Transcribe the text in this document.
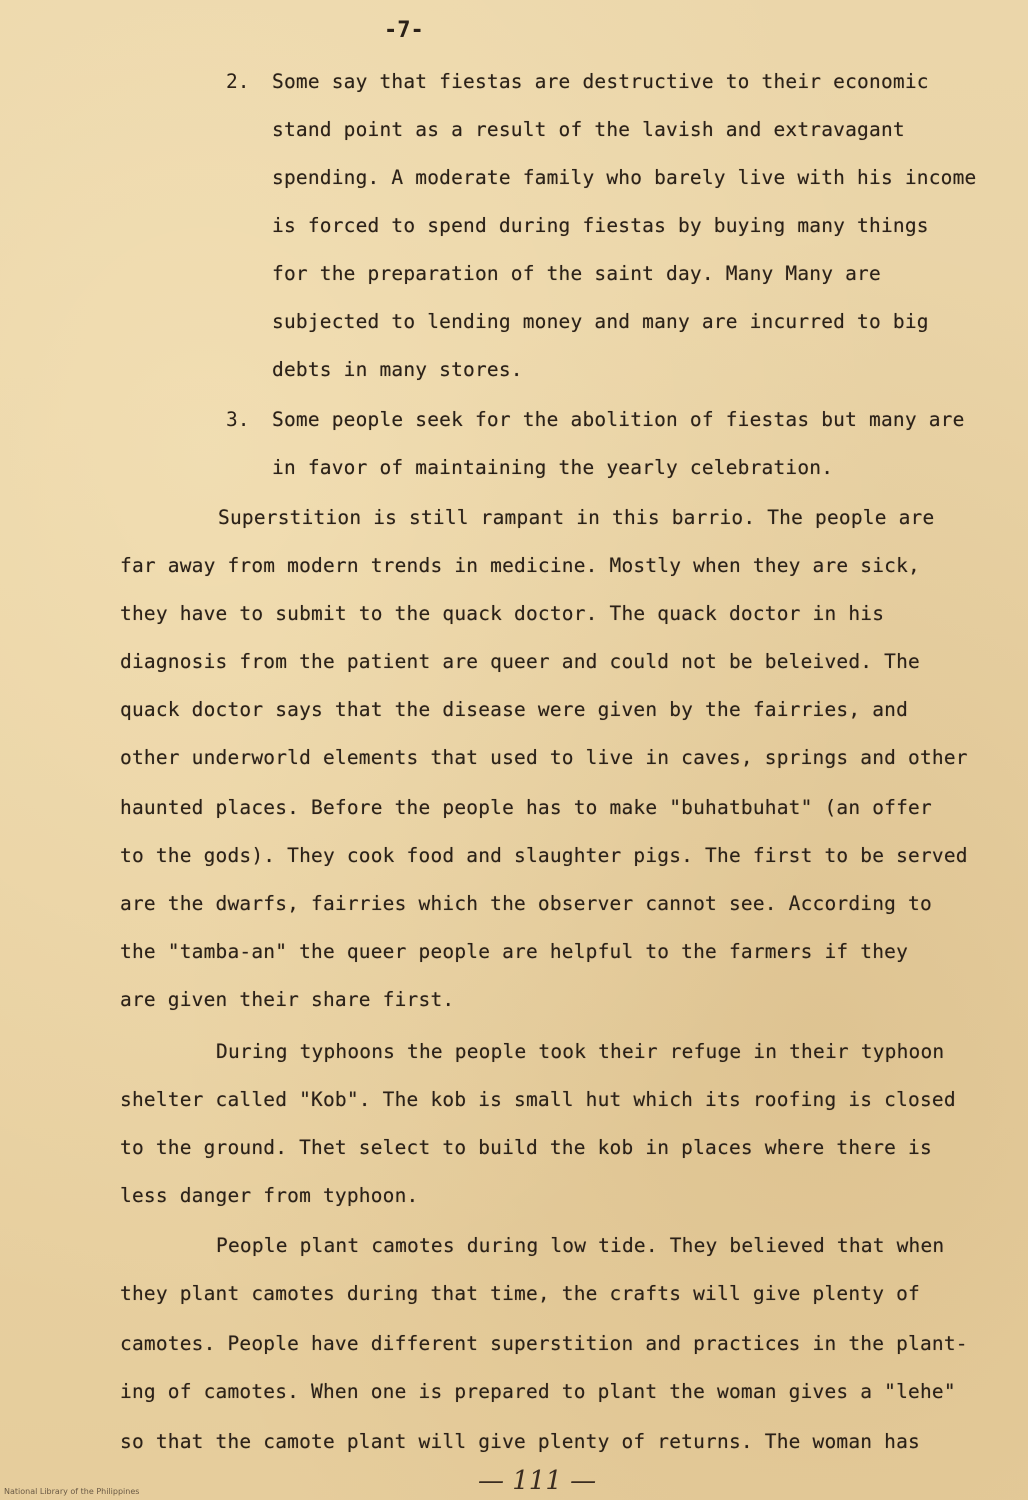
-7-
2. Some say that fiestas are destructive to their economic
stand point as a result of the lavish and extravagant
spending. A moderate family who barely live with his income
is forced to spend during fiestas by buying many things
for the preparation of the saint day. Many Many are
subjected to lending money and many are incurred to big
debts in many stores.
3. Some people seek for the abolition of fiestas but many are
in favor of maintaining the yearly celebration.
Superstition is still rampant in this barrio. The people are
far away from modern trends in medicine. Mostly when they are sick,
they have to submit to the quack doctor. The quack doctor in his
diagnosis from the patient are queer and could not be beleived. The
quack doctor says that the disease were given by the fairries, and
other underworld elements that used to live in caves, springs and other
haunted places. Before the people has to make "buhatbuhat" (an offer
to the gods). They cook food and slaughter pigs. The first to be served
are the dwarfs, fairries which the observer cannot see. According to
the "tamba-an" the queer people are helpful to the farmers if they
are given their share first.
During typhoons the people took their refuge in their typhoon
shelter called "Kob". The kob is small hut which its roofing is closed
to the ground. Thet select to build the kob in places where there is
less danger from typhoon.
People plant camotes during low tide. They believed that when
they plant camotes during that time, the crafts will give plenty of
camotes. People have different superstition and practices in the plant-
ing of camotes. When one is prepared to plant the woman gives a "lehe"
so that the camote plant will give plenty of returns. The woman has
— 111 —
National Library of the Philippines
